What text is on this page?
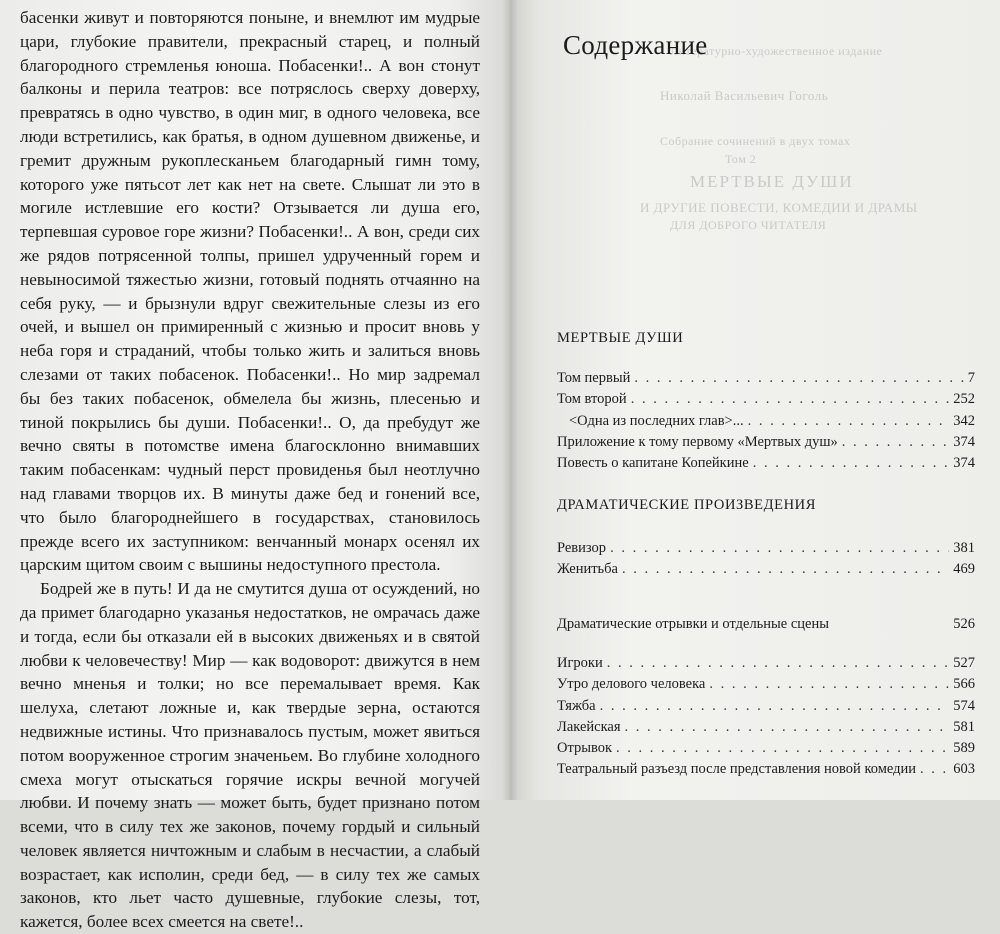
басенки живут и повторяются поныне, и внемлют им мудрые цари, глубокие правители, прекрасный старец, и полный благородного стремленья юноша. Побасенки!.. А вон стонут балконы и перила театров: все потряслось сверху доверху, превратясь в одно чувство, в один миг, в одного человека, все люди встретились, как братья, в одном душевном движенье, и гремит дружным рукоплесканьем благодарный гимн тому, которого уже пятьсот лет как нет на свете. Слышат ли это в могиле истлевшие его кости? Отзывается ли душа его, терпевшая суровое горе жизни? Побасенки!.. А вон, среди сих же рядов потрясенной толпы, пришел удрученный горем и невыносимой тяжестью жизни, готовый поднять отчаянно на себя руку, — и брызнули вдруг свежительные слезы из его очей, и вышел он примиренный с жизнью и просит вновь у неба горя и страданий, чтобы только жить и залиться вновь слезами от таких побасенок. Побасенки!.. Но мир задремал бы без таких побасенок, обмелела бы жизнь, плесенью и тиной покрылись бы души. Побасенки!.. О, да пребудут же вечно святы в потомстве имена благосклонно внимавших таким побасенкам: чудный перст провиденья был неотлучно над главами творцов их. В минуты даже бед и гонений все, что было благороднейшего в государствах, становилось прежде всего их заступником: венчанный монарх осенял их царским щитом своим с вышины недоступного престола.

Бодрей же в путь! И да не смутится душа от осуждений, но да примет благодарно указанья недостатков, не омрачась даже и тогда, если бы отказали ей в высоких движеньях и в святой любви к человечеству! Мир — как водоворот: движутся в нем вечно мненья и толки; но все перемалывает время. Как шелуха, слетают ложные и, как твердые зерна, остаются недвижные истины. Что признавалось пустым, может явиться потом вооруженное строгим значеньем. Во глубине холодного смеха могут отыскаться горячие искры вечной могучей любви. И почему знать — может быть, будет признано потом всеми, что в силу тех же законов, почему гордый и сильный человек является ничтожным и слабым в несчастии, а слабый возрастает, как исполин, среди бед, — в силу тех же самых законов, кто льет часто душевные, глубокие слезы, тот, кажется, более всех смеется на свете!..

Литературно-художественное издание
Николай Васильевич Гоголь
Собрание сочинений в двух томах
Том 2
МЕРТВЫЕ ДУШИ
И ДРУГИЕ ПОВЕСТИ, КОМЕДИИ И ДРАМЫ
ДЛЯ ДОБРОГО ЧИТАТЕЛЯ
Содержание
МЕРТВЫЕ ДУШИ
Том первый . . .	7
Том второй . . .	252
<Одна из последних глав>... . . .	342
Приложение к тому первому «Мертвых душ» . . .	374
Повесть о капитане Копейкине . . .	374
ДРАМАТИЧЕСКИЕ ПРОИЗВЕДЕНИЯ
Ревизор . . .	381
Женитьба . . .	469
Драматические отрывки и отдельные сцены	526
Игроки . . .	527
Утро делового человека . . .	566
Тяжба . . .	574
Лакейская . . .	581
Отрывок . . .	589
Театральный разъезд после представления новой комедии . . .	603
